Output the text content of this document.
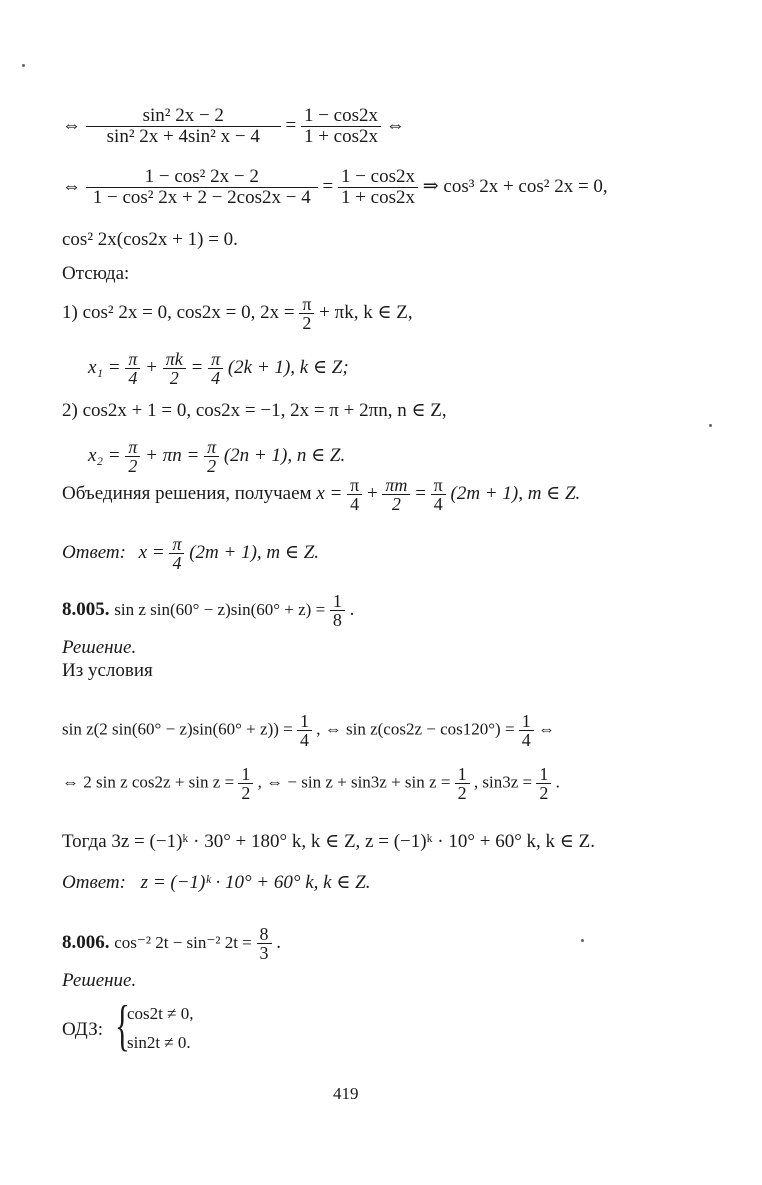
⇔ $\frac{\text{sin² 2x − 2}}{\text{sin² 2x + 4sin² x − 4}} = \frac{1 - \cos 2x}{1 + \cos 2x}$ ⇔
⇔ $\frac{\text{1 − cos² 2x − 2}}{\text{1 − cos² 2x + 2 − 2cos2x − 4}} = \frac{1 - \cos 2x}{1 + \cos 2x}$ ⇒ cos³ 2x + cos² 2x = 0,
cos² 2x(cos2x + 1) = 0.
Отсюда:
1) cos² 2x = 0, cos2x = 0, $2x = \frac{\pi}{2} + \pi k$, k ∈ Z,
$x_1 = \frac{\pi}{4} + \frac{\pi k}{2} = \frac{\pi}{4} (2k + 1)$, k ∈ Z;
2) cos2x + 1 = 0, cos2x = −1, 2x = π + 2πn, n ∈ Z,
$x_2 = \frac{\pi}{2} + \pi n = \frac{\pi}{2} (2n + 1)$, n ∈ Z.
Объединяя решения, получаем $x = \frac{\pi}{4} + \frac{\pi m}{2} = \frac{\pi}{4} (2m + 1)$, m ∈ Z.
Ответ: $x = \frac{\pi}{4} (2m + 1)$, m ∈ Z.
8.005. sin z $\sin(60^\circ - z)\sin(60^\circ + z) = \frac{1}{8}$ .
Решение.
Из условия
sin z(2 $\sin(60^\circ - z)\sin(60^\circ + z)) = \frac{1}{4}$ , ⇔ $\sin z(\cos 2z - \cos 120^\circ) = \frac{1}{4}$ ⇔
⇔ 2 sin z $\cos 2z + \sin z = \frac{1}{2}$ , ⇔ − $\sin z + \sin 3z + \sin z = \frac{1}{2}$ , $\sin 3z = \frac{1}{2}$ .
Тогда 3z = (−1)ᵏ · 30° + 180° k, k ∈ Z, z = (−1)ᵏ · 10° + 60° k, k ∈ Z.
Ответ: z = (−1)ᵏ · 10° + 60° k, k ∈ Z.
8.006. cos⁻² 2t − sin⁻² $2t = \frac{8}{3}$ .
Решение.
ОДЗ: {
cos2t ≠ 0,
sin2t ≠ 0.
419
